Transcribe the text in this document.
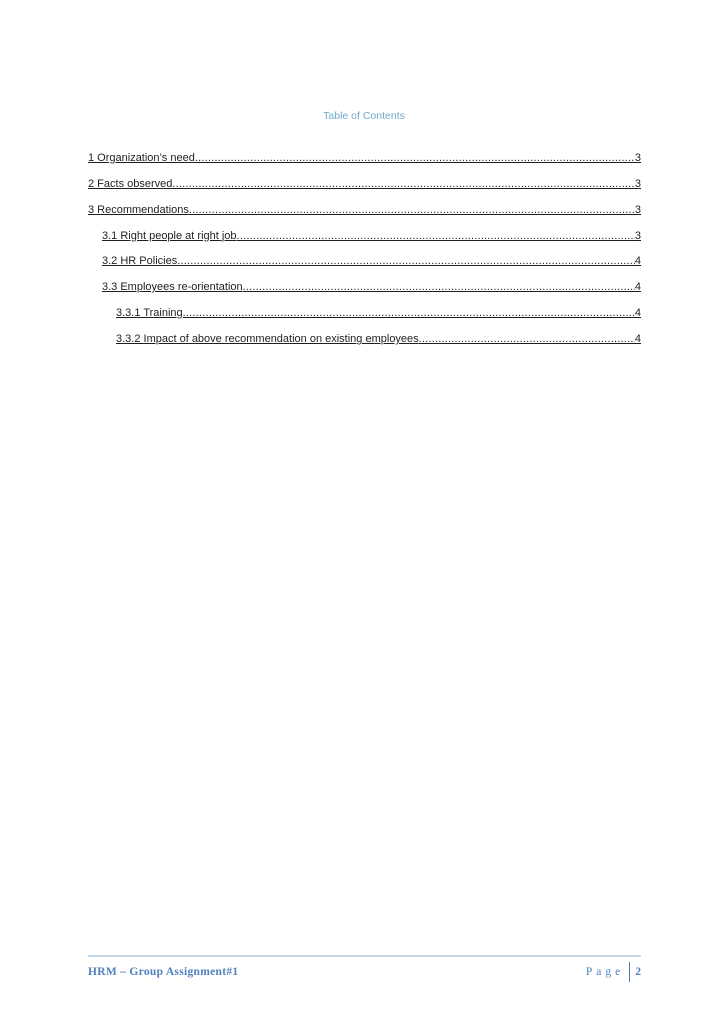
Table of Contents
1 Organization’s need .....	3
2 Facts observed .....	3
3 Recommendations .....	3
3.1 Right people at right job .....	3
3.2 HR Policies .....	4
3.3 Employees re-orientation .....	4
3.3.1 Training .....	4
3.3.2 Impact of above recommendation on existing employees .....	4
HRM – Group Assignment#1	Page 2
